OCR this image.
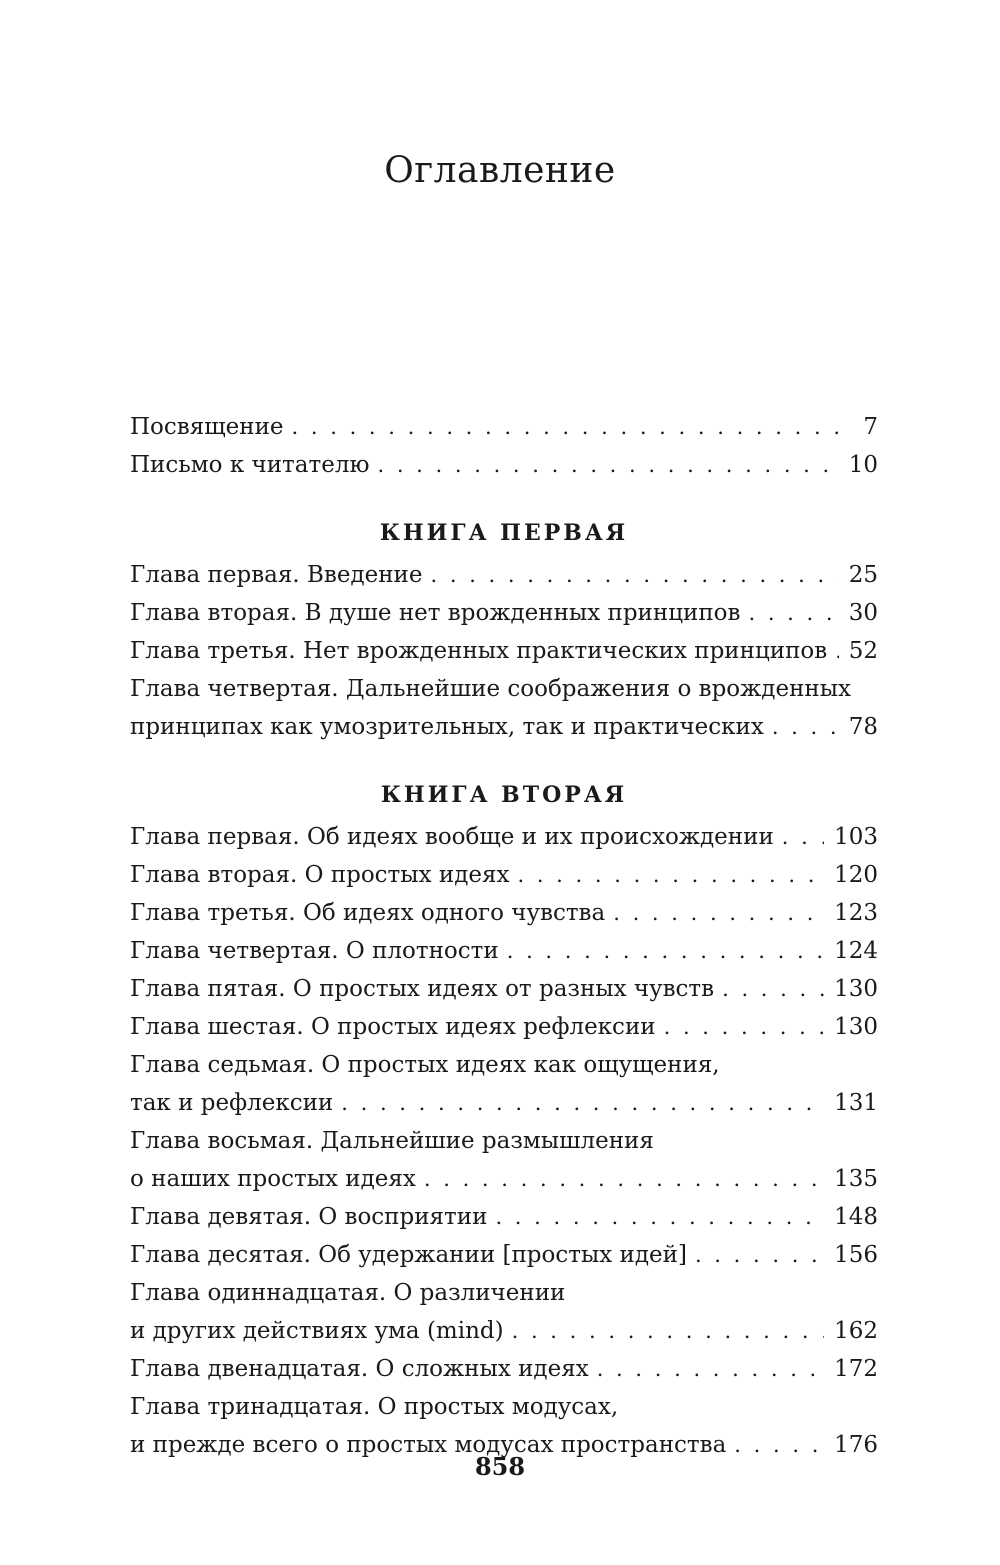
Оглавление

Посвящение . . .	7

Письмо к читателю . . .	10

КНИГА ПЕРВАЯ

Глава первая. Введение . . .	25

Глава вторая. В душе нет врожденных принципов . . .	30

Глава третья. Нет врожденных практических принципов . . . 52

Глава четвертая. Дальнейшие соображения о врожденных
принципах как умозрительных, так и практических . . .	78

КНИГА ВТОРАЯ

Глава первая. Об идеях вообще и их происхождении . . .	103

Глава вторая. О простых идеях . . .	120

Глава третья. Об идеях одного чувства . . .	123

Глава четвертая. О плотности . . .	124

Глава пятая. О простых идеях от разных чувств . . .	130

Глава шестая. О простых идеях рефлексии . . .	130

Глава седьмая. О простых идеях как ощущения,
так и рефлексии . . .	131

Глава восьмая. Дальнейшие размышления
о наших простых идеях . . .	135

Глава девятая. О восприятии . . .	148

Глава десятая. Об удержании [простых идей] . . .	156

Глава одиннадцатая. О различении
и других действиях ума (mind) . . .	162

Глава двенадцатая. О сложных идеях . . .	172

Глава тринадцатая. О простых модусах,
и прежде всего о простых модусах пространства . . .	176

858
